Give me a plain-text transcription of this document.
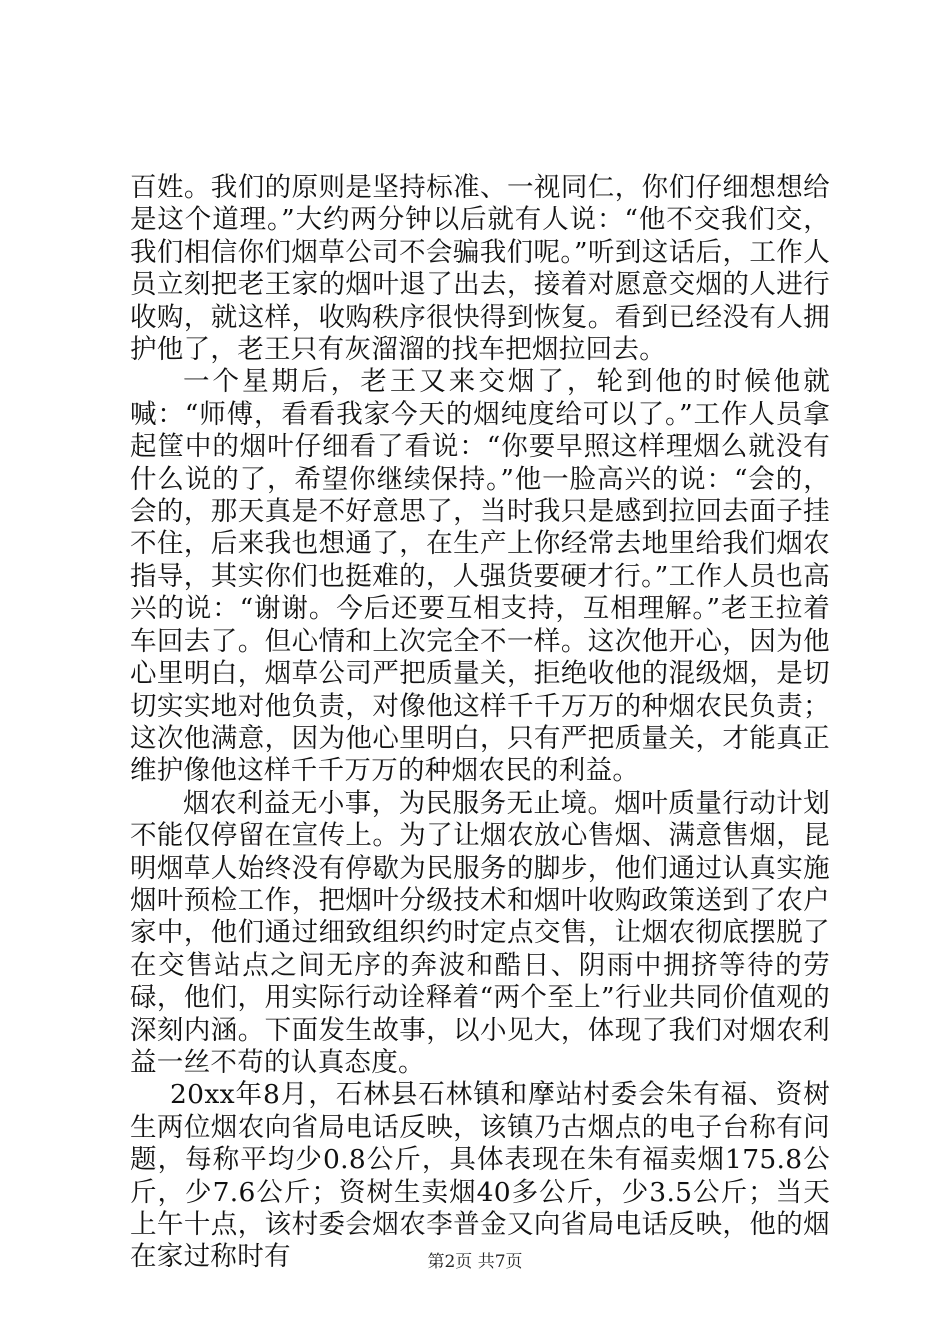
百姓。我们的原则是坚持标准、一视同仁，你们仔细想想给是这个道理。”大约两分钟以后就有人说：“他不交我们交，我们相信你们烟草公司不会骗我们呢。”听到这话后，工作人员立刻把老王家的烟叶退了出去，接着对愿意交烟的人进行收购，就这样，收购秩序很快得到恢复。看到已经没有人拥护他了，老王只有灰溜溜的找车把烟拉回去。

一个星期后，老王又来交烟了，轮到他的时候他就喊：“师傅，看看我家今天的烟纯度给可以了。”工作人员拿起筐中的烟叶仔细看了看说：“你要早照这样理烟么就没有什么说的了，希望你继续保持。”他一脸高兴的说：“会的，会的，那天真是不好意思了，当时我只是感到拉回去面子挂不住，后来我也想通了，在生产上你经常去地里给我们烟农指导，其实你们也挺难的，人强货要硬才行。”工作人员也高兴的说：“谢谢。今后还要互相支持，互相理解。”老王拉着车回去了。但心情和上次完全不一样。这次他开心，因为他心里明白，烟草公司严把质量关，拒绝收他的混级烟，是切切实实地对他负责，对像他这样千千万万的种烟农民负责；这次他满意，因为他心里明白，只有严把质量关，才能真正维护像他这样千千万万的种烟农民的利益。

烟农利益无小事，为民服务无止境。烟叶质量行动计划不能仅停留在宣传上。为了让烟农放心售烟、满意售烟，昆明烟草人始终没有停歇为民服务的脚步，他们通过认真实施烟叶预检工作，把烟叶分级技术和烟叶收购政策送到了农户家中，他们通过细致组织约时定点交售，让烟农彻底摆脱了在交售站点之间无序的奔波和酷日、阴雨中拥挤等待的劳碌，他们，用实际行动诠释着“两个至上”行业共同价值观的深刻内涵。下面发生故事，以小见大，体现了我们对烟农利益一丝不苟的认真态度。

20xx年8月，石林县石林镇和摩站村委会朱有福、资树生两位烟农向省局电话反映，该镇乃古烟点的电子台称有问题，每称平均少0.8公斤，具体表现在朱有福卖烟175.8公斤，少7.6公斤；资树生卖烟40多公斤，少3.5公斤；当天上午十点，该村委会烟农李普金又向省局电话反映，他的烟在家过称时有	第2页 共7页
